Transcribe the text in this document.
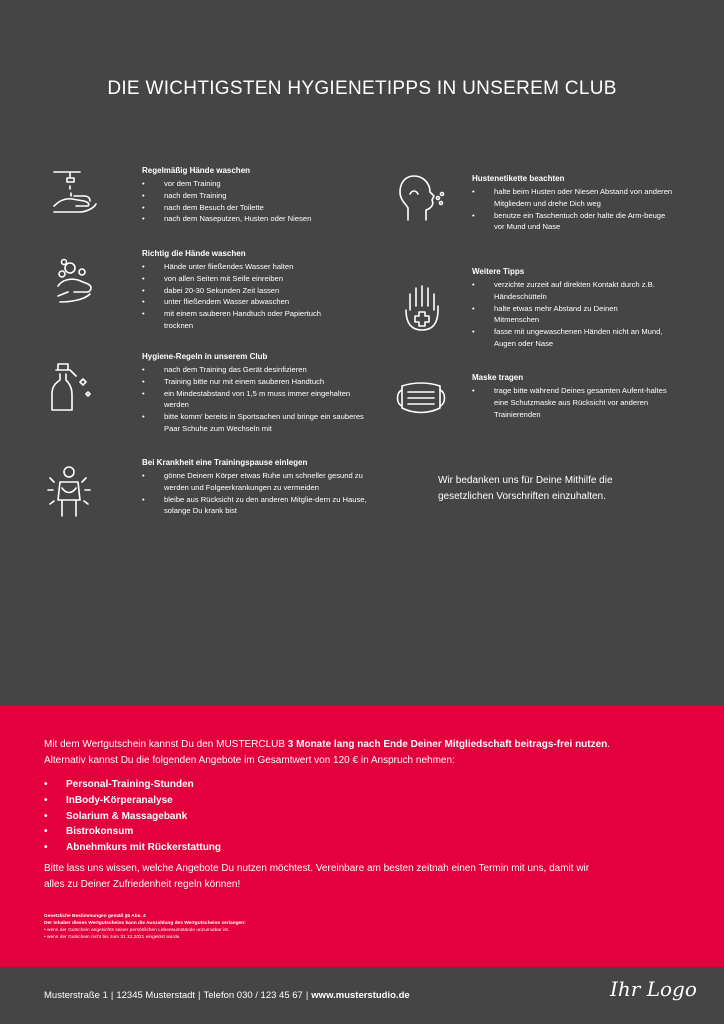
DIE WICHTIGSTEN HYGIENETIPPS IN UNSEREM CLUB
Regelmäßig Hände waschen
• vor dem Training
• nach dem Training
• nach dem Besuch der Toilette
• nach dem Naseputzen, Husten oder Niesen
Richtig die Hände waschen
• Hände unter fließendes Wasser halten
• von allen Seiten mit Seife einreiben
• dabei 20-30 Sekunden Zeit lassen
• unter fließendem Wasser abwaschen
• mit einem sauberen Handtuch oder Papiertuch trocknen
Hygiene-Regeln in unserem Club
• nach dem Training das Gerät desinfizieren
• Training bitte nur mit einem sauberen Handtuch
• ein Mindestabstand von 1,5 m muss immer eingehalten werden
• bitte komm' bereits in Sportsachen und bringe ein sauberes Paar Schuhe zum Wechseln mit
Bei Krankheit eine Trainingspause einlegen
• gönne Deinem Körper etwas Ruhe um schneller gesund zu werden und Folgeerkrankungen zu vermeiden
• bleibe aus Rücksicht zu den anderen Mitglie-dern zu Hause, solange Du krank bist
Hustenetikette beachten
• halte beim Husten oder Niesen Abstand von anderen Mitgliedern und drehe Dich weg
• benutze ein Taschentuch oder halte die Arm-beuge vor Mund und Nase
Weitere Tipps
• verzichte zurzeit auf direkten Kontakt durch z.B. Händeschütteln
• halte etwas mehr Abstand zu Deinen Mitmenschen
• fasse mit ungewaschenen Händen nicht an Mund, Augen oder Nase
Maske tragen
• trage bitte während Deines gesamten Aufent-haltes eine Schutzmaske aus Rücksicht vor anderen Trainierenden
Wir bedanken uns für Deine Mithilfe die gesetzlichen Vorschriften einzuhalten.

Mit dem Wertgutschein kannst Du den MUSTERCLUB 3 Monate lang nach Ende Deiner Mitgliedschaft beitrags-frei nutzen. Alternativ kannst Du die folgenden Angebote im Gesamtwert von 120 € in Anspruch nehmen:

• Personal-Training-Stunden
• InBody-Körperanalyse
• Solarium & Massagebank
• Bistrokonsum
• Abnehmkurs mit Rückerstattung

Bitte lass uns wissen, welche Angebote Du nutzen möchtest. Vereinbare am besten zeitnah einen Termin mit uns, damit wir alles zu Deiner Zufriedenheit regeln können!

Gesetzliche Bestimmungen gemäß §5 Abs. 4
Der Inhaber dieses Wertgutscheins kann die Auszahlung des Wertgutscheins verlangen:
• wenn der Gutschein angesichts seiner persönlichen Lebensumstände unzumutbar ist.
• wenn der Gutschein nicht bis zum 31.12.2021 eingelöst wurde.
Musterstraße 1 | 12345 Musterstadt | Telefon 030 / 123 45 67 | www.musterstudio.de	Ihr Logo
